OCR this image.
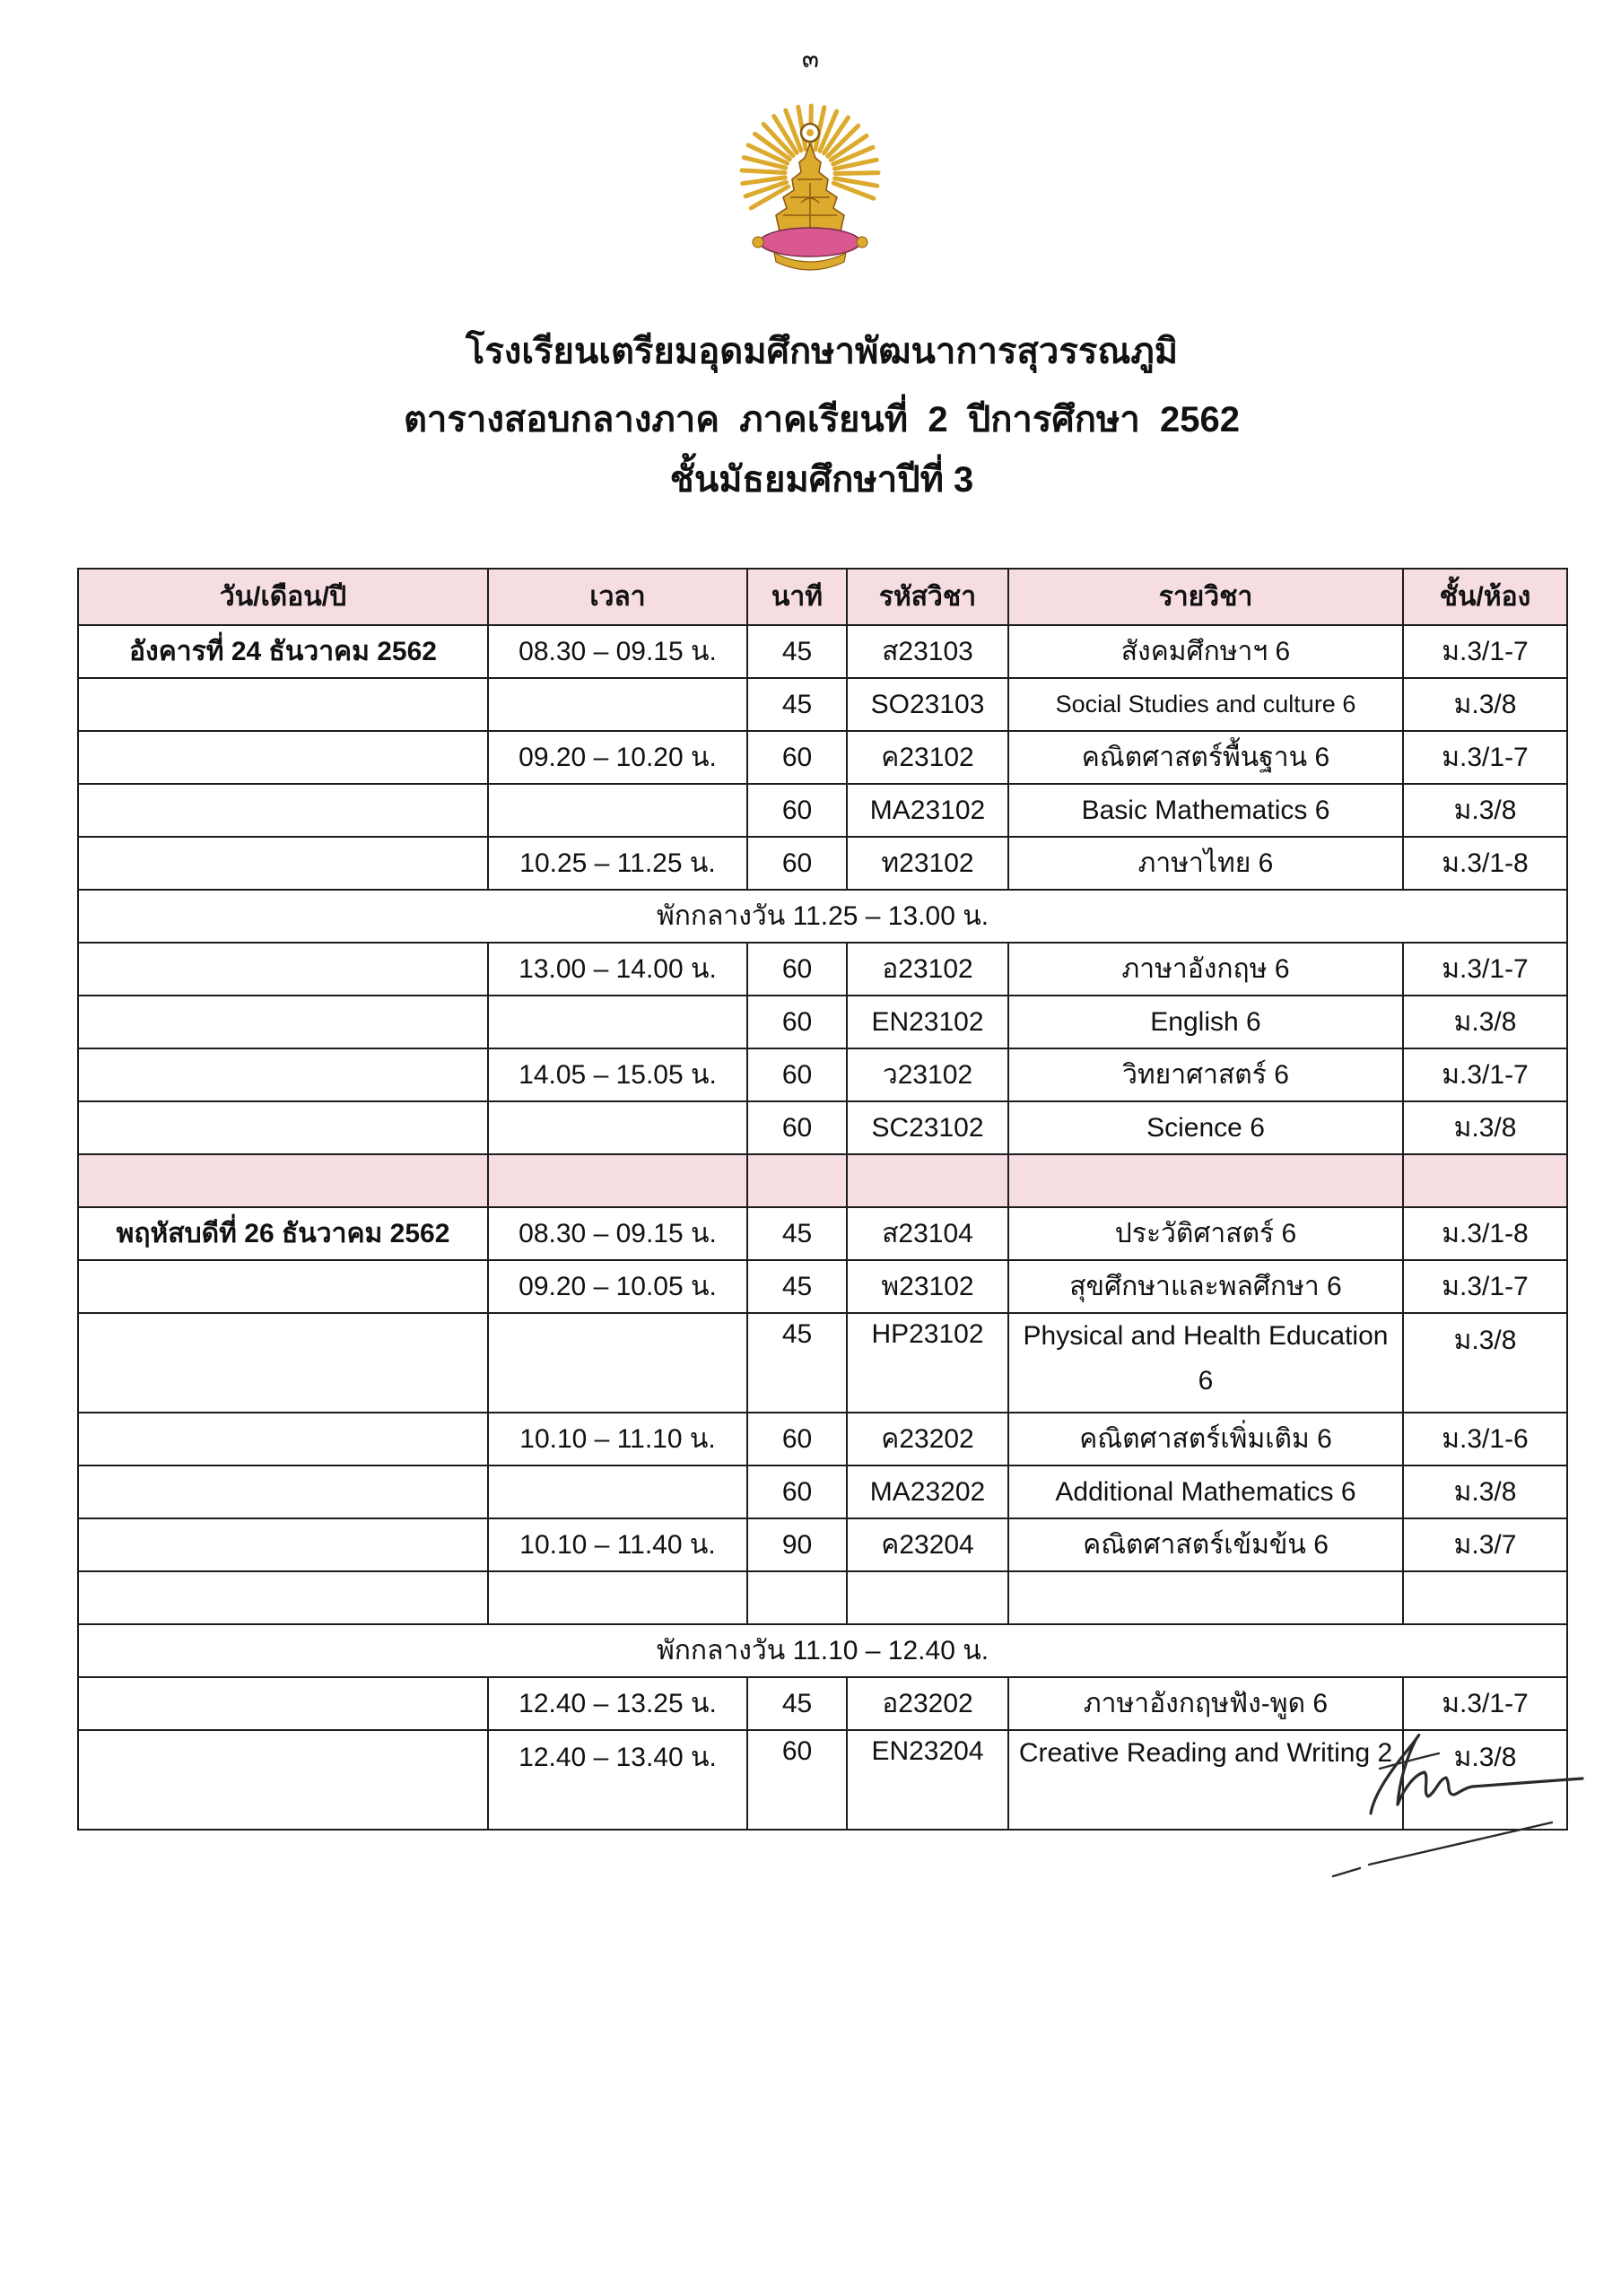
๓
โรงเรียนเตรียมอุดมศึกษาพัฒนาการสุวรรณภูมิ
ตารางสอบกลางภาค  ภาคเรียนที่  2  ปีการศึกษา  2562
ชั้นมัธยมศึกษาปีที่ 3
วัน/เดือน/ปี	เวลา	นาที	รหัสวิชา	รายวิชา	ชั้น/ห้อง
อังคารที่ 24 ธันวาคม 2562	08.30 – 09.15 น.	45	ส23103	สังคมศึกษาฯ 6	ม.3/1-7
		45	SO23103	Social Studies and culture 6	ม.3/8
	09.20 – 10.20 น.	60	ค23102	คณิตศาสตร์พื้นฐาน 6	ม.3/1-7
		60	MA23102	Basic Mathematics 6	ม.3/8
	10.25 – 11.25 น.	60	ท23102	ภาษาไทย 6	ม.3/1-8
พักกลางวัน 11.25 – 13.00 น.					
	13.00 – 14.00 น.	60	อ23102	ภาษาอังกฤษ 6	ม.3/1-7
		60	EN23102	English 6	ม.3/8
	14.05 – 15.05 น.	60	ว23102	วิทยาศาสตร์ 6	ม.3/1-7
		60	SC23102	Science 6	ม.3/8

พฤหัสบดีที่ 26 ธันวาคม 2562	08.30 – 09.15 น.	45	ส23104	ประวัติศาสตร์ 6	ม.3/1-8
	09.20 – 10.05 น.	45	พ23102	สุขศึกษาและพลศึกษา 6	ม.3/1-7
		45	HP23102	Physical and Health Education 6	ม.3/8
	10.10 – 11.10 น.	60	ค23202	คณิตศาสตร์เพิ่มเติม 6	ม.3/1-6
		60	MA23202	Additional Mathematics 6	ม.3/8
	10.10 – 11.40 น.	90	ค23204	คณิตศาสตร์เข้มข้น 6	ม.3/7

พักกลางวัน 11.10 – 12.40 น.					
	12.40 – 13.25 น.	45	อ23202	ภาษาอังกฤษฟัง-พูด 6	ม.3/1-7
	12.40 – 13.40 น.	60	EN23204	Creative Reading and Writing 2	ม.3/8
